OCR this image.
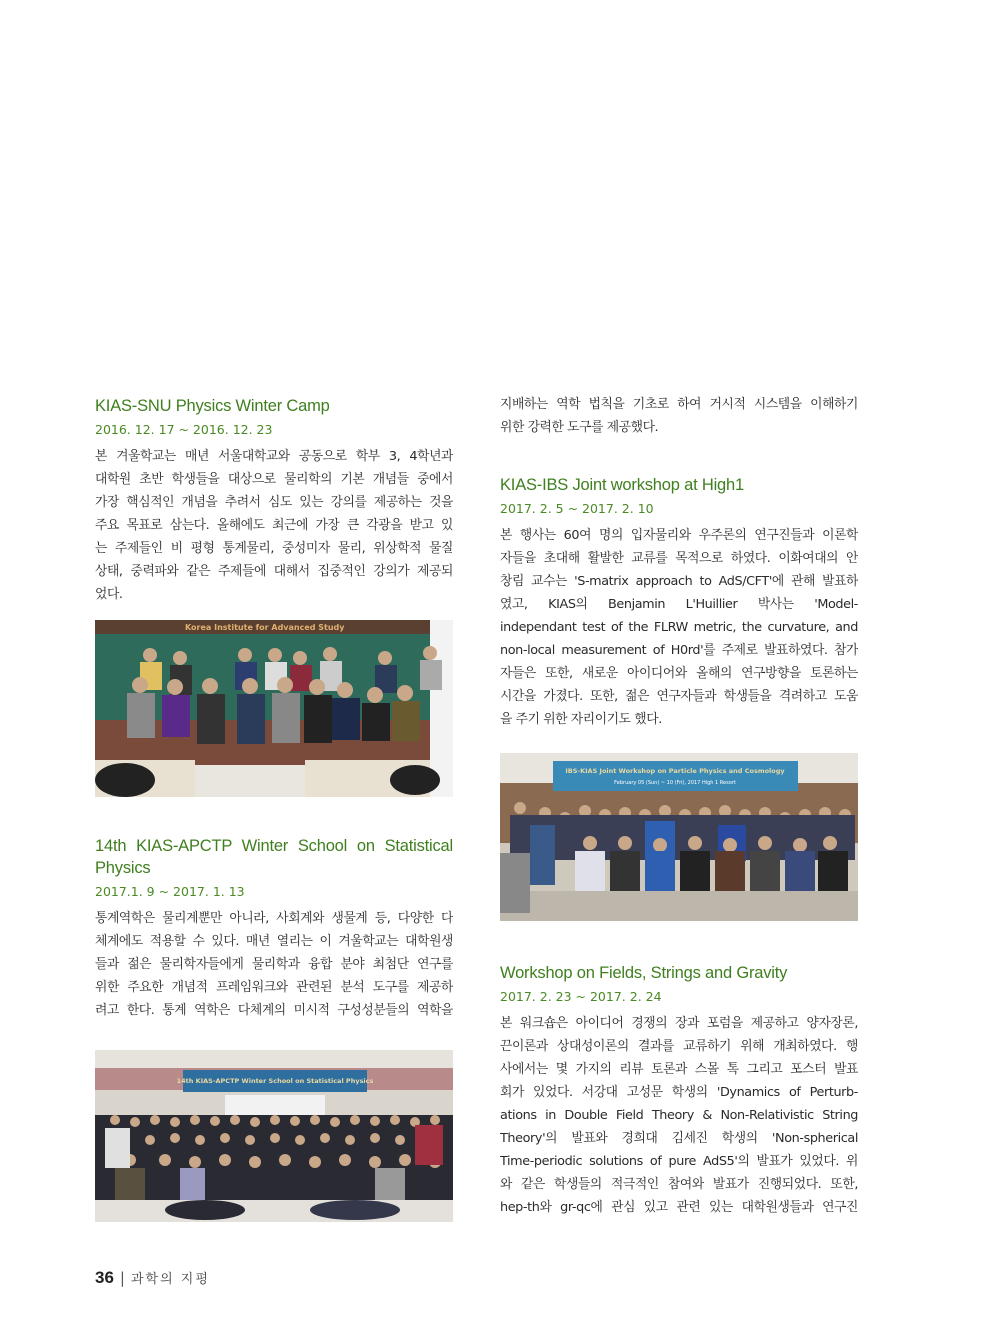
KIAS-SNU Physics Winter Camp
2016. 12. 17 ~ 2016. 12. 23

본 겨울학교는 매년 서울대학교와 공동으로 학부 3, 4학년과
대학원 초반 학생들을 대상으로 물리학의 기본 개념들 중에서
가장 핵심적인 개념을 추려서 심도 있는 강의를 제공하는 것을
주요 목표로 삼는다. 올해에도 최근에 가장 큰 각광을 받고 있
는 주제들인 비 평형 통계물리, 중성미자 물리, 위상학적 물질
상태, 중력파와 같은 주제들에 대해서 집중적인 강의가 제공되
었다.

Korea Institute for Advanced Study
14th KIAS-APCTP Winter School on Statistical
Physics
2017.1. 9 ~ 2017. 1. 13

통계역학은 물리계뿐만 아니라, 사회계와 생물계 등, 다양한 다
체계에도 적용할 수 있다. 매년 열리는 이 겨울학교는 대학원생
들과 젊은 물리학자들에게 물리학과 융합 분야 최첨단 연구를
위한 주요한 개념적 프레임워크와 관련된 분석 도구를 제공하
려고 한다. 통계 역학은 다체계의 미시적 구성성분들의 역학을

14th KIAS-APCTP Winter School on Statistical Physics

지배하는 역학 법칙을 기초로 하여 거시적 시스템을 이해하기
위한 강력한 도구를 제공했다.

KIAS-IBS Joint workshop at High1
2017. 2. 5 ~ 2017. 2. 10

본 행사는 60여 명의 입자물리와 우주론의 연구진들과 이론학
자들을 초대해 활발한 교류를 목적으로 하였다. 이화여대의 안
창림 교수는 'S-matrix approach to AdS/CFT'에 관해 발표하
였고, KIAS의 Benjamin L'Huillier 박사는 'Model-
independant test of the FLRW metric, the curvature, and
non-local measurement of H0rd'를 주제로 발표하였다. 참가
자들은 또한, 새로운 아이디어와 올해의 연구방향을 토론하는
시간을 가졌다. 또한, 젊은 연구자들과 학생들을 격려하고 도움
을 주기 위한 자리이기도 했다.

IBS-KIAS Joint Workshop on Particle Physics and Cosmology
February 05 (Sun) ~ 10 (Fri), 2017 High 1 Resort
Workshop on Fields, Strings and Gravity
2017. 2. 23 ~ 2017. 2. 24

본 워크숍은 아이디어 경쟁의 장과 포럼을 제공하고 양자장론,
끈이론과 상대성이론의 결과를 교류하기 위해 개최하였다. 행
사에서는 몇 가지의 리뷰 토론과 스몰 톡 그리고 포스터 발표
회가 있었다. 서강대 고성문 학생의 'Dynamics of Perturb-
ations in Double Field Theory & Non-Relativistic String
Theory'의 발표와 경희대 김세진 학생의 'Non-spherical
Time-periodic solutions of pure AdS5'의 발표가 있었다. 위
와 같은 학생들의 적극적인 참여와 발표가 진행되었다. 또한,
hep-th와 gr-qc에 관심 있고 관련 있는 대학원생들과 연구진

36 | 과학의 지평
